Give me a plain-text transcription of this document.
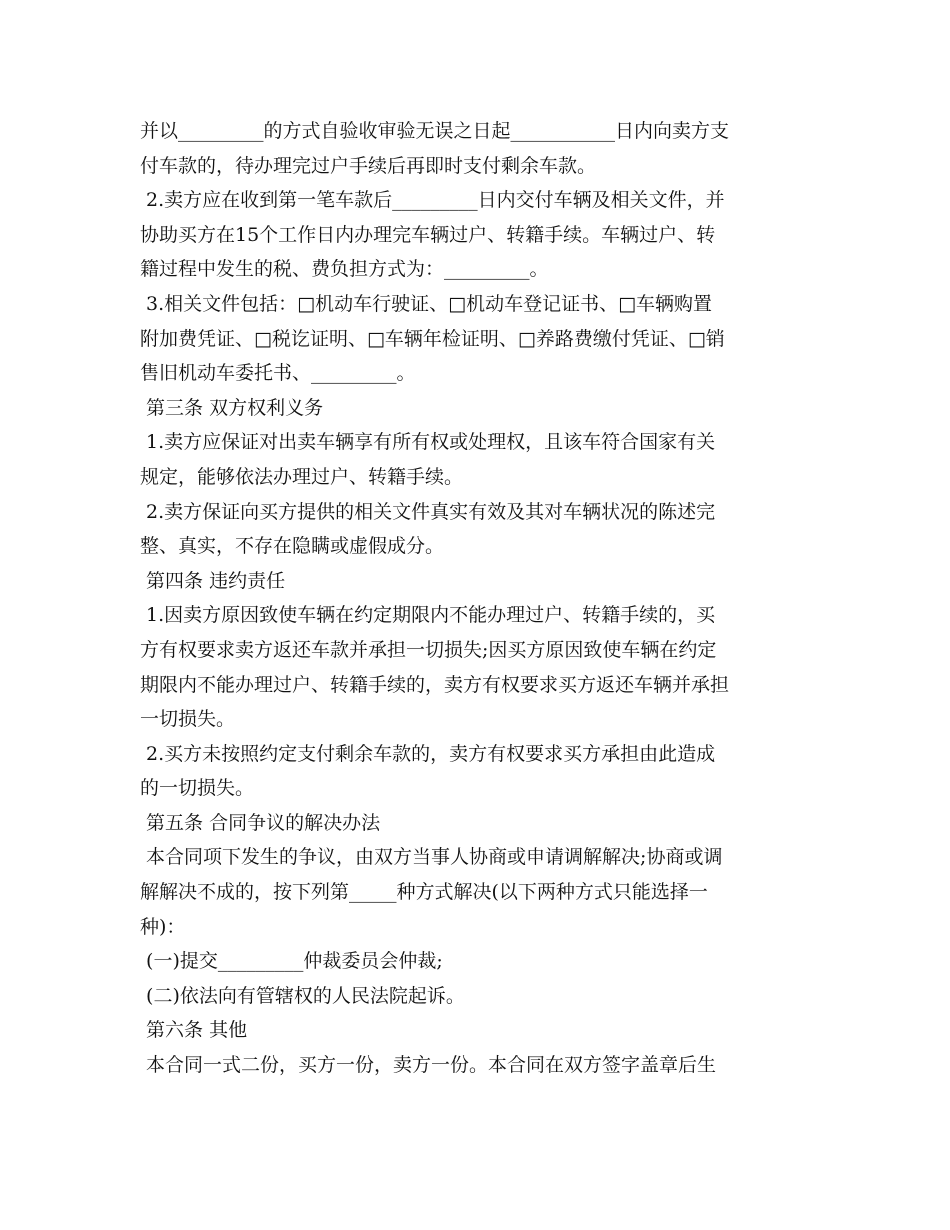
并以_________的方式自验收审验无误之日起___________日内向卖方支
付车款的，待办理完过户手续后再即时支付剩余车款。
2.卖方应在收到第一笔车款后_________日内交付车辆及相关文件，并
协助买方在15个工作日内办理完车辆过户、转籍手续。车辆过户、转
籍过程中发生的税、费负担方式为：_________。
3.相关文件包括：□机动车行驶证、□机动车登记证书、□车辆购置
附加费凭证、□税讫证明、□车辆年检证明、□养路费缴付凭证、□销
售旧机动车委托书、_________。
第三条 双方权利义务
1.卖方应保证对出卖车辆享有所有权或处理权，且该车符合国家有关
规定，能够依法办理过户、转籍手续。
2.卖方保证向买方提供的相关文件真实有效及其对车辆状况的陈述完
整、真实，不存在隐瞒或虚假成分。
第四条 违约责任
1.因卖方原因致使车辆在约定期限内不能办理过户、转籍手续的，买
方有权要求卖方返还车款并承担一切损失;因买方原因致使车辆在约定
期限内不能办理过户、转籍手续的，卖方有权要求买方返还车辆并承担
一切损失。
2.买方未按照约定支付剩余车款的，卖方有权要求买方承担由此造成
的一切损失。
第五条 合同争议的解决办法
本合同项下发生的争议，由双方当事人协商或申请调解解决;协商或调
解解决不成的，按下列第_____种方式解决(以下两种方式只能选择一
种)：
(一)提交_________仲裁委员会仲裁;
(二)依法向有管辖权的人民法院起诉。
第六条 其他
本合同一式二份，买方一份，卖方一份。本合同在双方签字盖章后生
